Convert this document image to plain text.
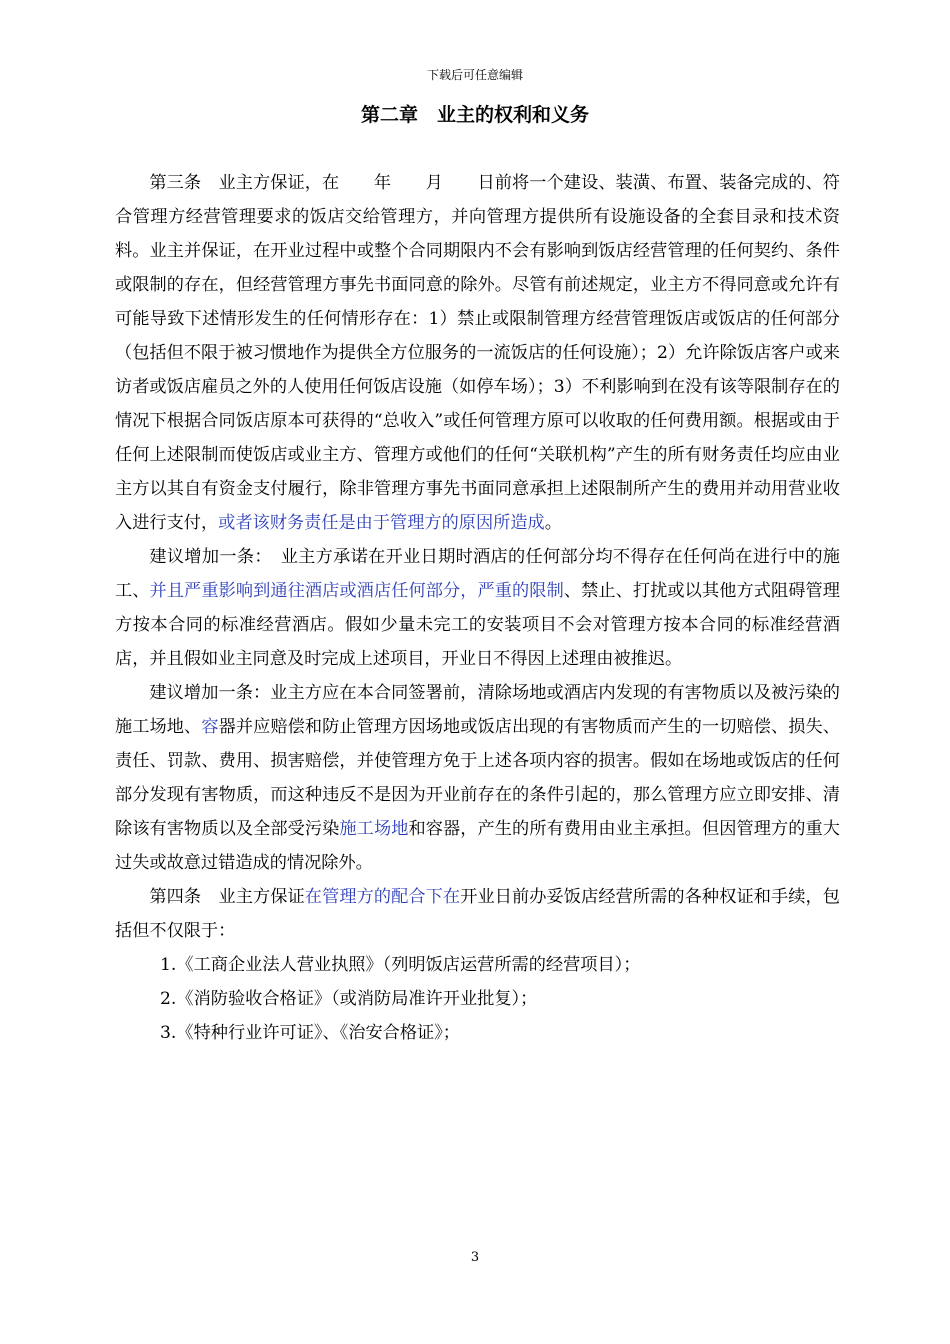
下载后可任意编辑
第二章　业主的权利和义务

第三条　业主方保证，在　　年　　月　　日前将一个建设、装潢、布置、装备完成的、符合管理方经营管理要求的饭店交给管理方，并向管理方提供所有设施设备的全套目录和技术资料。业主并保证，在开业过程中或整个合同期限内不会有影响到饭店经营管理的任何契约、条件或限制的存在，但经营管理方事先书面同意的除外。尽管有前述规定，业主方不得同意或允许有可能导致下述情形发生的任何情形存在：1）禁止或限制管理方经营管理饭店或饭店的任何部分（包括但不限于被习惯地作为提供全方位服务的一流饭店的任何设施）；2）允许除饭店客户或来访者或饭店雇员之外的人使用任何饭店设施（如停车场）；3）不利影响到在没有该等限制存在的情况下根据合同饭店原本可获得的“总收入”或任何管理方原可以收取的任何费用额。根据或由于任何上述限制而使饭店或业主方、管理方或他们的任何“关联机构”产生的所有财务责任均应由业主方以其自有资金支付履行，除非管理方事先书面同意承担上述限制所产生的费用并动用营业收入进行支付，或者该财务责任是由于管理方的原因所造成。

建议增加一条：　业主方承诺在开业日期时酒店的任何部分均不得存在任何尚在进行中的施工、并且严重影响到通往酒店或酒店任何部分，严重的限制、禁止、打扰或以其他方式阻碍管理方按本合同的标准经营酒店。假如少量未完工的安装项目不会对管理方按本合同的标准经营酒店，并且假如业主同意及时完成上述项目，开业日不得因上述理由被推迟。

建议增加一条：业主方应在本合同签署前，清除场地或酒店内发现的有害物质以及被污染的施工场地、容器并应赔偿和防止管理方因场地或饭店出现的有害物质而产生的一切赔偿、损失、责任、罚款、费用、损害赔偿，并使管理方免于上述各项内容的损害。假如在场地或饭店的任何部分发现有害物质，而这种违反不是因为开业前存在的条件引起的，那么管理方应立即安排、清除该有害物质以及全部受污染施工场地和容器，产生的所有费用由业主承担。但因管理方的重大过失或故意过错造成的情况除外。

第四条　业主方保证在管理方的配合下在开业日前办妥饭店经营所需的各种权证和手续，包括但不仅限于：

1.《工商企业法人营业执照》（列明饭店运营所需的经营项目）；

2.《消防验收合格证》（或消防局准许开业批复）；

3.《特种行业许可证》、《治安合格证》；

3
